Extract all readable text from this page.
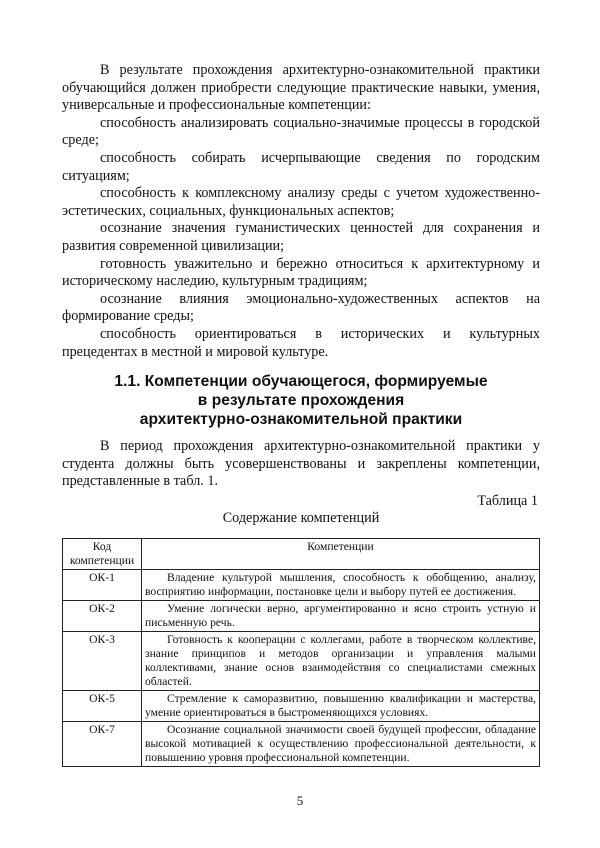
В результате прохождения архитектурно-ознакомительной практики обучающийся должен приобрести следующие практические навыки, умения, универсальные и профессиональные компетенции:

способность анализировать социально-значимые процессы в городской среде;

способность собирать исчерпывающие сведения по городским ситуациям;

способность к комплексному анализу среды с учетом художественно-эстетических, социальных, функциональных аспектов;

осознание значения гуманистических ценностей для сохранения и развития современной цивилизации;

готовность уважительно и бережно относиться к архитектурному и историческому наследию, культурным традициям;

осознание влияния эмоционально-художественных аспектов на формирование среды;

способность ориентироваться в исторических и культурных прецедентах в местной и мировой культуре.

1.1. Компетенции обучающегося, формируемые
в результате прохождения
архитектурно-ознакомительной практики

В период прохождения архитектурно-ознакомительной практики у студента должны быть усовершенствованы и закреплены компетенции, представленные в табл. 1.

Таблица 1
Содержание компетенций
Код компетенции	Компетенции
ОК-1	Владение культурой мышления, способность к обобщению, анализу, восприятию информации, постановке цели и выбору путей ее достижения.
ОК-2	Умение логически верно, аргументированно и ясно строить устную и письменную речь.
ОК-3	Готовность к кооперации с коллегами, работе в творческом коллективе, знание принципов и методов организации и управления малыми коллективами, знание основ взаимодействия со специалистами смежных областей.
ОК-5	Стремление к саморазвитию, повышению квалификации и мастерства, умение ориентироваться в быстроменяющихся условиях.
ОК-7	Осознание социальной значимости своей будущей профессии, обладание высокой мотивацией к осуществлению профессиональной деятельности, к повышению уровня профессиональной компетенции.
5
